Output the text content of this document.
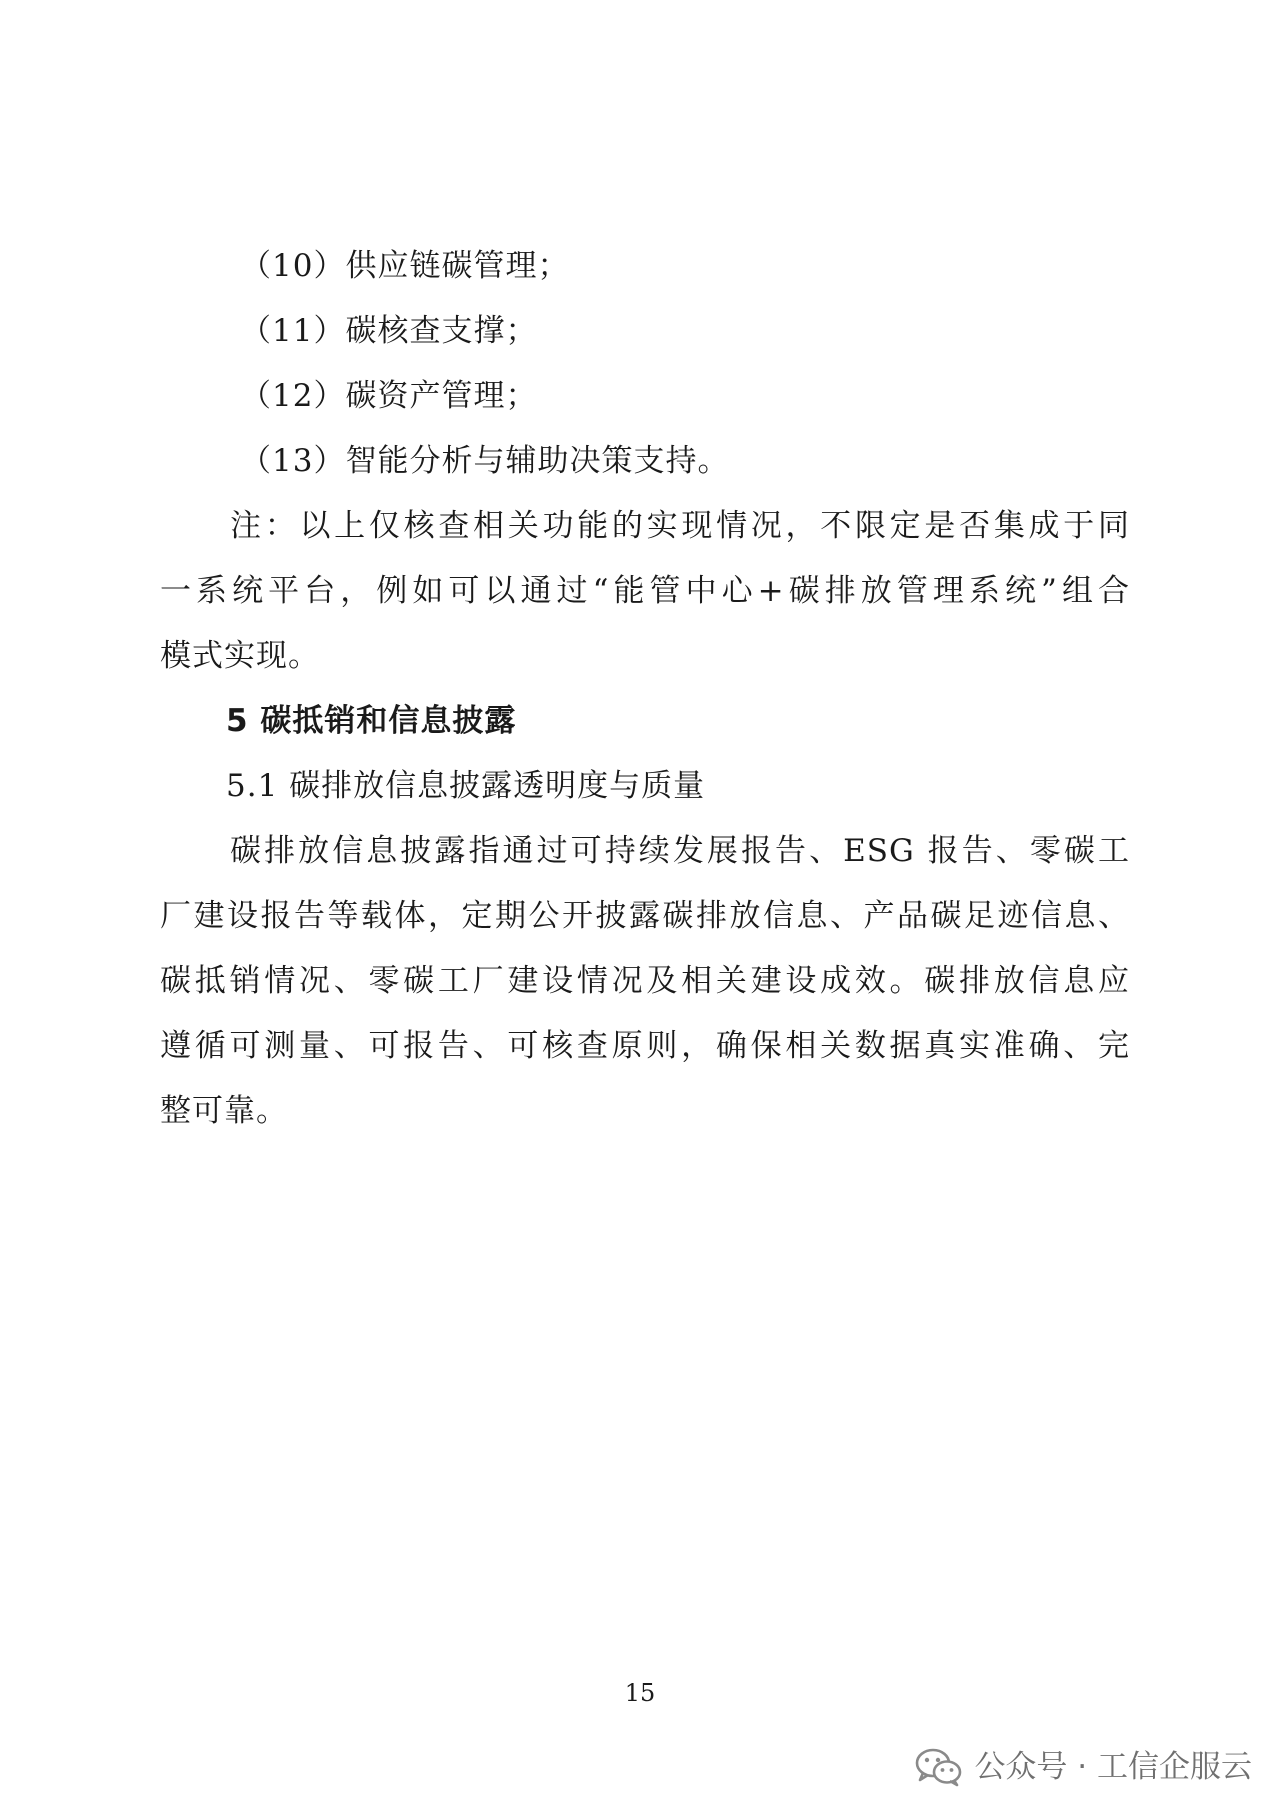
（10）供应链碳管理；
（11）碳核查支撑；
（12）碳资产管理；
（13）智能分析与辅助决策支持。
注：以上仅核查相关功能的实现情况，不限定是否集成于同
一系统平台，例如可以通过“能管中心+碳排放管理系统”组合
模式实现。
5 碳抵销和信息披露
5.1 碳排放信息披露透明度与质量
碳排放信息披露指通过可持续发展报告、ESG 报告、零碳工
厂建设报告等载体，定期公开披露碳排放信息、产品碳足迹信息、
碳抵销情况、零碳工厂建设情况及相关建设成效。碳排放信息应
遵循可测量、可报告、可核查原则，确保相关数据真实准确、完
整可靠。
15
公众号 · 工信企服云
